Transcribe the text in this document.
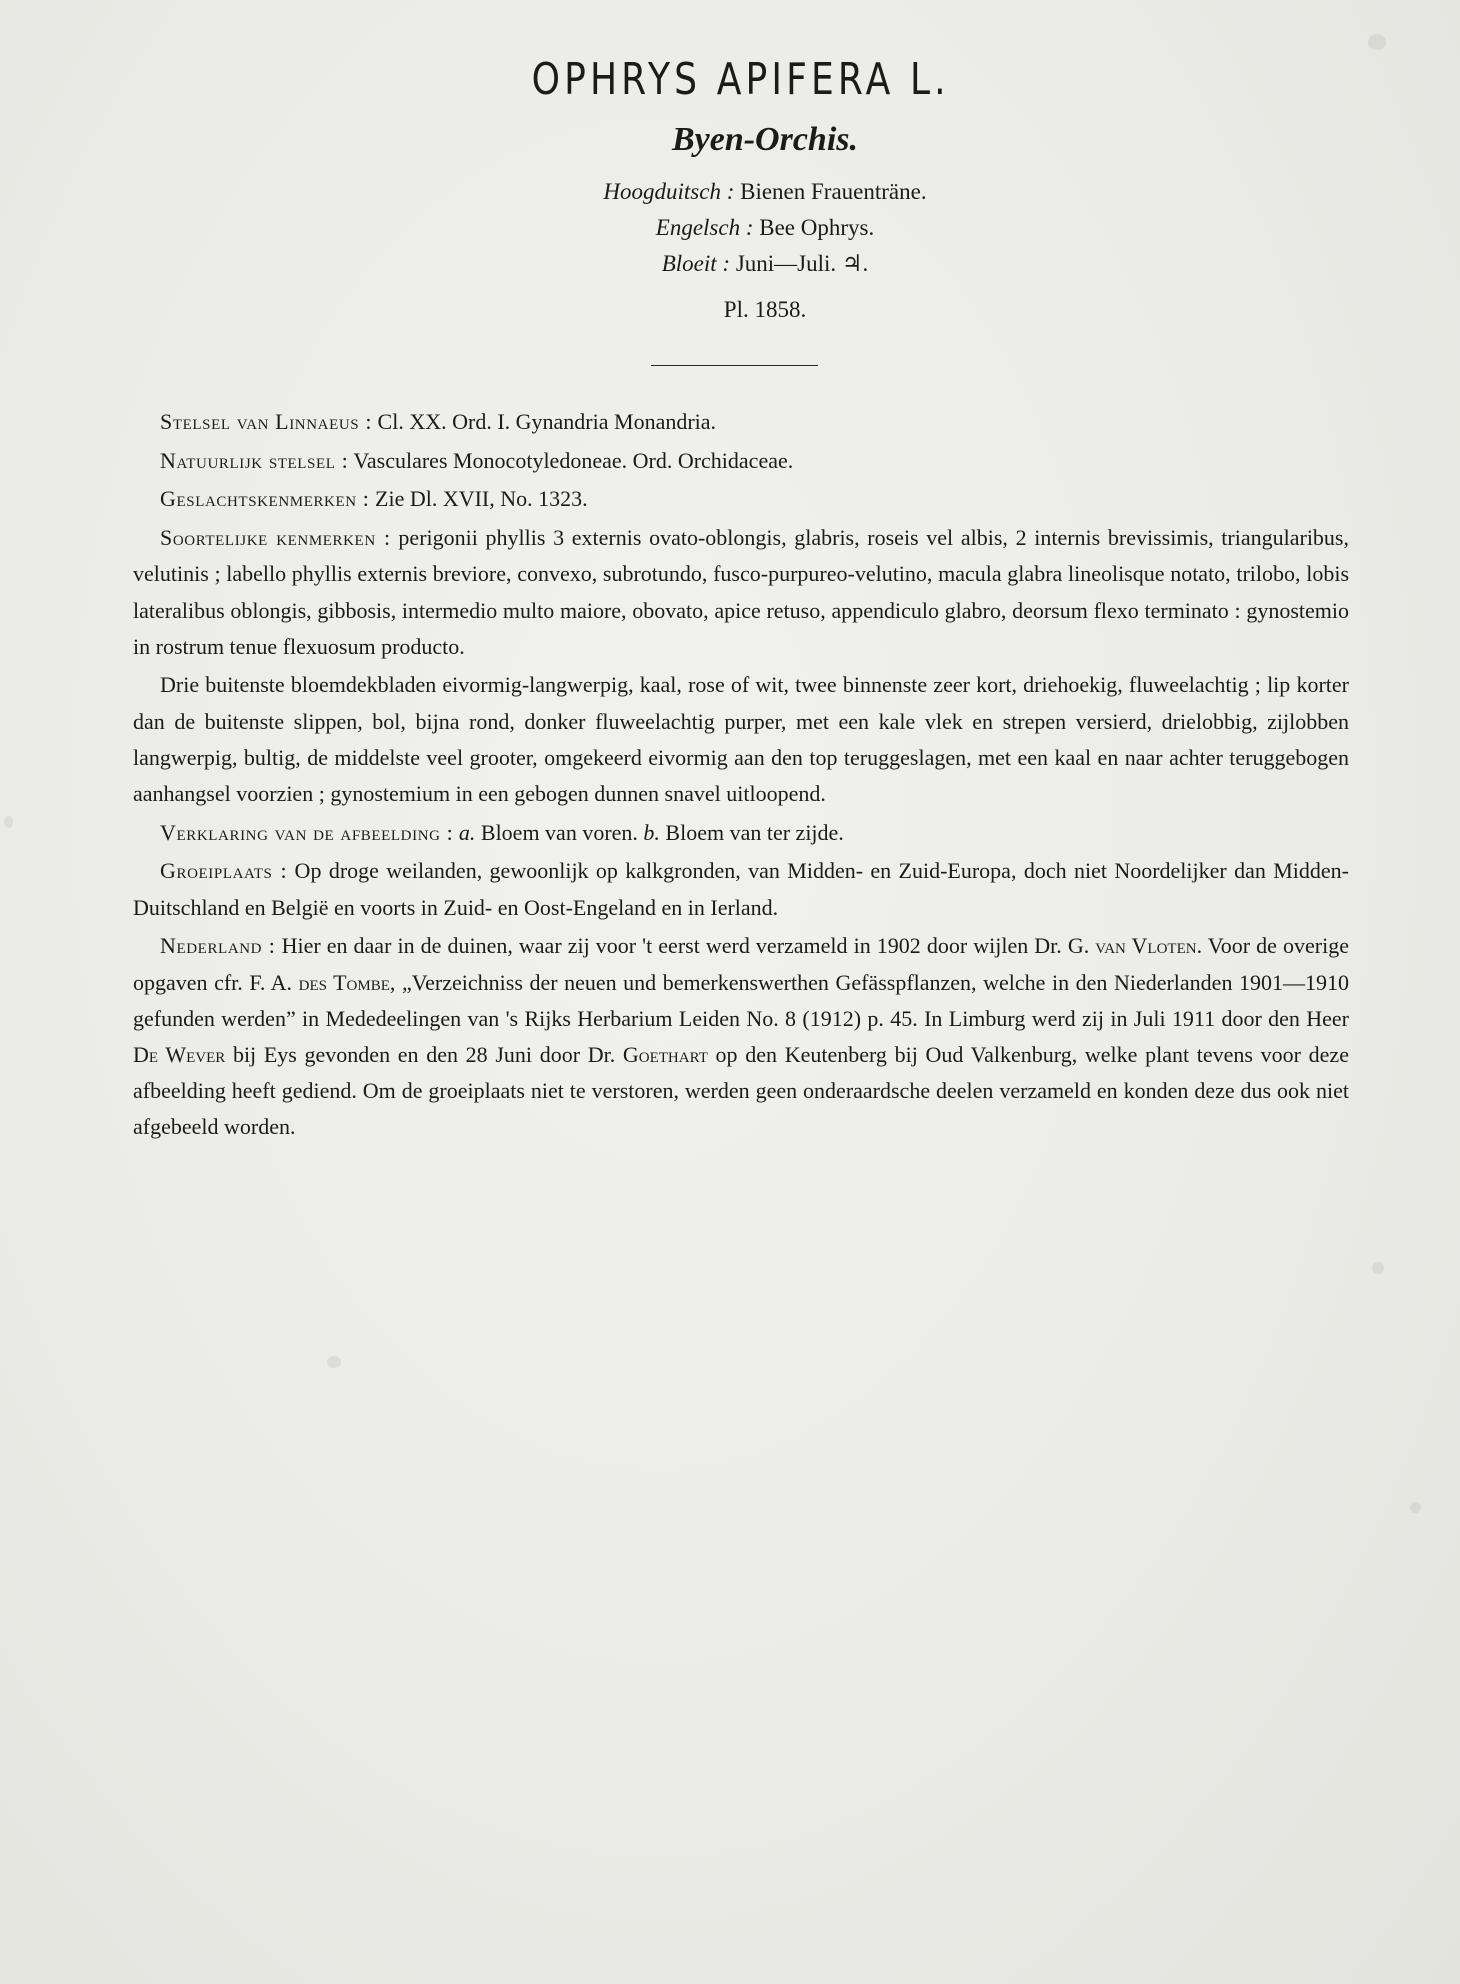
OPHRYS APIFERA L.
Byen-Orchis.
Hoogduitsch : Bienen Frauenträne.
Engelsch : Bee Ophrys.
Bloeit : Juni—Juli. ♃.
Pl. 1858.

Stelsel van Linnaeus : Cl. XX. Ord. I. Gynandria Monandria.

Natuurlijk stelsel : Vasculares Monocotyledoneae. Ord. Orchidaceae.

Geslachtskenmerken : Zie Dl. XVII, No. 1323.

Soortelijke kenmerken : perigonii phyllis 3 externis ovato-oblongis, glabris, roseis vel albis, 2 internis brevissimis, triangularibus, velutinis ; labello phyllis externis breviore, convexo, subrotundo, fusco-purpureo-velutino, macula glabra lineolisque notato, trilobo, lobis lateralibus oblongis, gibbosis, intermedio multo maiore, obovato, apice retuso, appendiculo glabro, deorsum flexo terminato : gynostemio in rostrum tenue flexuosum producto.

Drie buitenste bloemdekbladen eivormig-langwerpig, kaal, rose of wit, twee binnenste zeer kort, driehoekig, fluweelachtig ; lip korter dan de buitenste slippen, bol, bijna rond, donker fluweelachtig purper, met een kale vlek en strepen versierd, drielobbig, zijlobben langwerpig, bultig, de middelste veel grooter, omgekeerd eivormig aan den top teruggeslagen, met een kaal en naar achter teruggebogen aanhangsel voorzien ; gynostemium in een gebogen dunnen snavel uitloopend.

Verklaring van de afbeelding : a. Bloem van voren. b. Bloem van ter zijde.

Groeiplaats : Op droge weilanden, gewoonlijk op kalkgronden, van Midden- en Zuid-Europa, doch niet Noordelijker dan Midden-Duitschland en België en voorts in Zuid- en Oost-Engeland en in Ierland.

Nederland : Hier en daar in de duinen, waar zij voor 't eerst werd verzameld in 1902 door wijlen Dr. G. van Vloten. Voor de overige opgaven cfr. F. A. des Tombe, „Verzeichniss der neuen und bemerkenswerthen Gefässpflanzen, welche in den Niederlanden 1901—1910 gefunden werden” in Mededeelingen van 's Rijks Herbarium Leiden No. 8 (1912) p. 45. In Limburg werd zij in Juli 1911 door den Heer De Wever bij Eys gevonden en den 28 Juni door Dr. Goethart op den Keutenberg bij Oud Valkenburg, welke plant tevens voor deze afbeelding heeft gediend. Om de groeiplaats niet te verstoren, werden geen onderaardsche deelen verzameld en konden deze dus ook niet afgebeeld worden.
